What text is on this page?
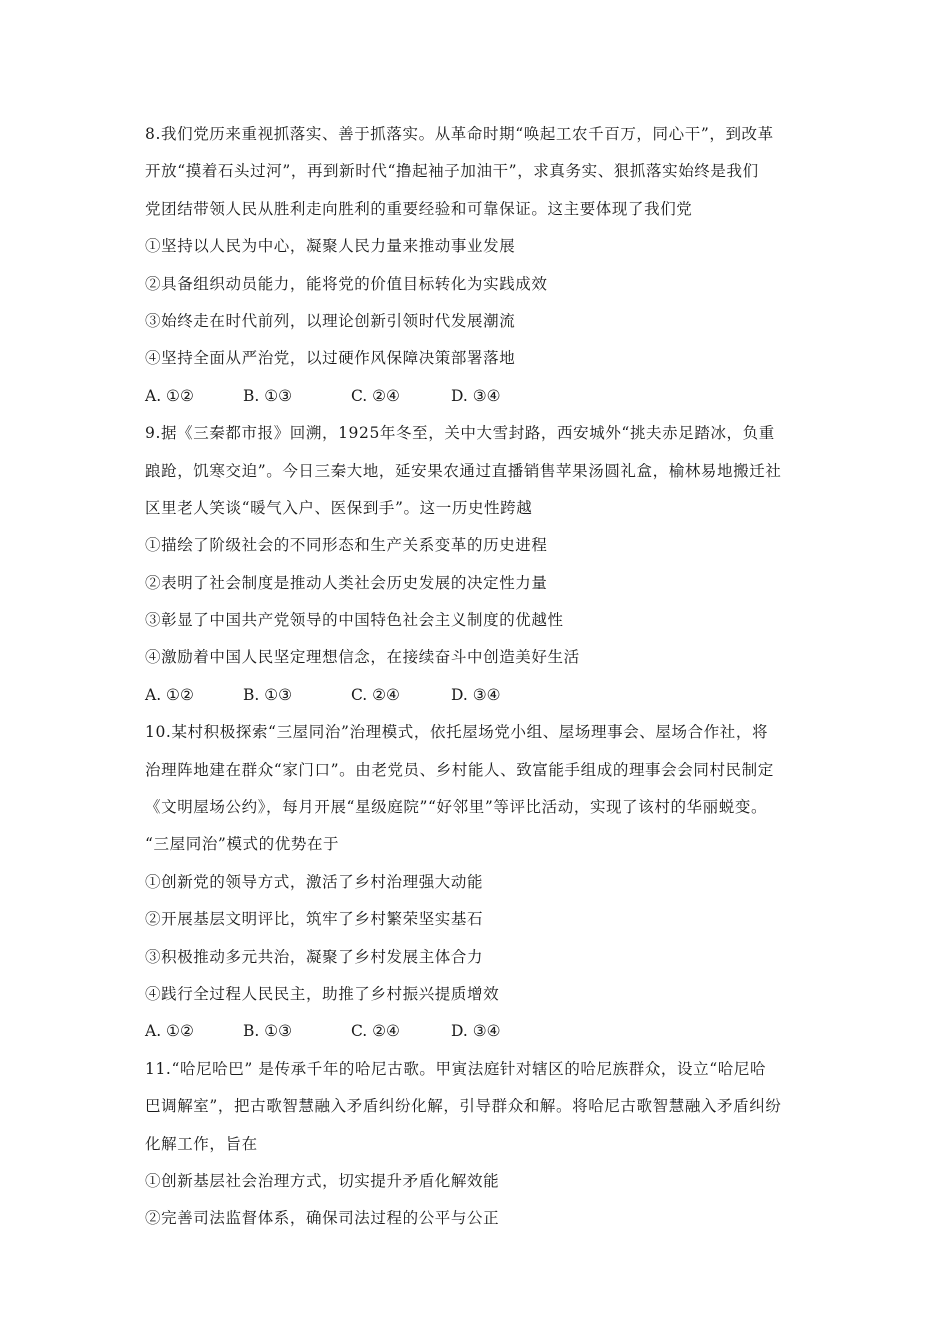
8.我们党历来重视抓落实、善于抓落实。从革命时期“唤起工农千百万，同心干”，到改革
开放“摸着石头过河”，再到新时代“撸起袖子加油干”，求真务实、狠抓落实始终是我们
党团结带领人民从胜利走向胜利的重要经验和可靠保证。这主要体现了我们党
①坚持以人民为中心，凝聚人民力量来推动事业发展
②具备组织动员能力，能将党的价值目标转化为实践成效
③始终走在时代前列，以理论创新引领时代发展潮流
④坚持全面从严治党，以过硬作风保障决策部署落地
A. ①②	B. ①③	C. ②④	D. ③④
9.据《三秦都市报》回溯，1925年冬至，关中大雪封路，西安城外“挑夫赤足踏冰，负重
踉跄，饥寒交迫”。今日三秦大地，延安果农通过直播销售苹果汤圆礼盒，榆林易地搬迁社
区里老人笑谈“暖气入户、医保到手”。这一历史性跨越
①描绘了阶级社会的不同形态和生产关系变革的历史进程
②表明了社会制度是推动人类社会历史发展的决定性力量
③彰显了中国共产党领导的中国特色社会主义制度的优越性
④激励着中国人民坚定理想信念，在接续奋斗中创造美好生活
A. ①②	B. ①③	C. ②④	D. ③④
10.某村积极探索“三屋同治”治理模式，依托屋场党小组、屋场理事会、屋场合作社，将
治理阵地建在群众“家门口”。由老党员、乡村能人、致富能手组成的理事会会同村民制定
《文明屋场公约》，每月开展“星级庭院”“好邻里”等评比活动，实现了该村的华丽蜕变。
“三屋同治”模式的优势在于
①创新党的领导方式，激活了乡村治理强大动能
②开展基层文明评比，筑牢了乡村繁荣坚实基石
③积极推动多元共治，凝聚了乡村发展主体合力
④践行全过程人民民主，助推了乡村振兴提质增效
A. ①②	B. ①③	C. ②④	D. ③④
11.“哈尼哈巴” 是传承千年的哈尼古歌。甲寅法庭针对辖区的哈尼族群众，设立“哈尼哈
巴调解室”，把古歌智慧融入矛盾纠纷化解，引导群众和解。将哈尼古歌智慧融入矛盾纠纷
化解工作，旨在
①创新基层社会治理方式，切实提升矛盾化解效能
②完善司法监督体系，确保司法过程的公平与公正
